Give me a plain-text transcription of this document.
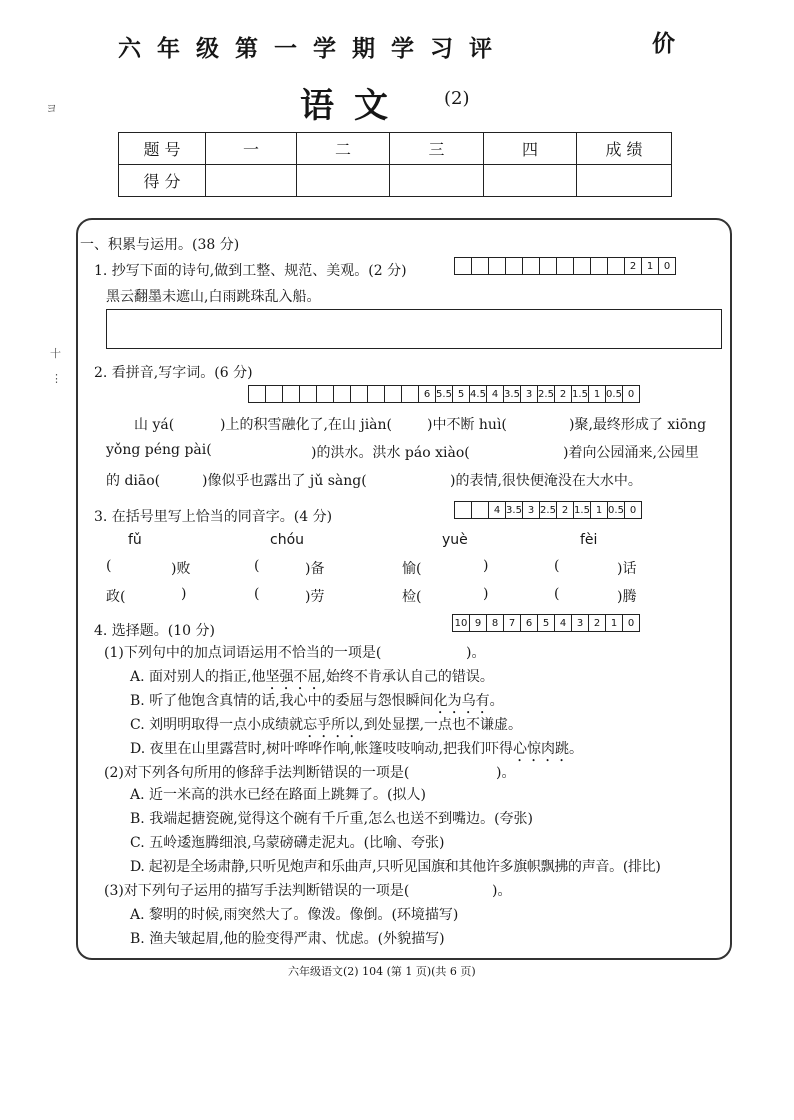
六年级第一学期学习评	价
语文 (2)
ヨ
十
⋮
题 号	一	二	三	四	成 绩
得 分					
一、积累与运用。(38 分)
1. 抄写下面的诗句,做到工整、规范、美观。(2 分)
											2	1	0
黑云翻墨未遮山,白雨跳珠乱入船。
2. 看拼音,写字词。(6 分)
										6	5.5	5	4.5	4	3.5	3	2.5	2	1.5	1	0.5	0
山 yá(	)上的积雪融化了,在山 jiàn( )中不断 huì(	)聚,最终形成了 xiōng
yǒng péng pài(	)的洪水。洪水 páo xiào(	)着向公园涌来,公园里
的 diāo(	)像似乎也露出了 jǔ sàng(	)的表情,很快便淹没在大水中。
3. 在括号里写上恰当的同音字。(4 分)
			4	3.5	3	2.5	2	1.5	1	0.5	0
fǔ	chóu	yuè	fèi
(	)败	(	)备	愉(	)	(	)话
政(	)	(	)劳	检(	)	(	)腾
4. 选择题。(10 分)	10	9	8	7	6	5	4	3	2	1	0
(1)下列句中的加点词语运用不恰当的一项是(	)。
A. 面对别人的指正,他坚强不屈,始终不肯承认自己的错误。
B. 听了他饱含真情的话,我心中的委屈与怨恨瞬间化为乌有。
C. 刘明明取得一点小成绩就忘乎所以,到处显摆,一点也不谦虚。
D. 夜里在山里露营时,树叶哗哗作响,帐篷吱吱响动,把我们吓得心惊肉跳。
(2)对下列各句所用的修辞手法判断错误的一项是(	)。
A. 近一米高的洪水已经在路面上跳舞了。(拟人)
B. 我端起搪瓷碗,觉得这个碗有千斤重,怎么也送不到嘴边。(夸张)
C. 五岭逶迤腾细浪,乌蒙磅礴走泥丸。(比喻、夸张)
D. 起初是全场肃静,只听见炮声和乐曲声,只听见国旗和其他许多旗帜飘拂的声音。(排比)
(3)对下列句子运用的描写手法判断错误的一项是(	)。
A. 黎明的时候,雨突然大了。像泼。像倒。(环境描写)
B. 渔夫皱起眉,他的脸变得严肃、忧虑。(外貌描写)
六年级语文(2) 104 (第 1 页)(共 6 页)
